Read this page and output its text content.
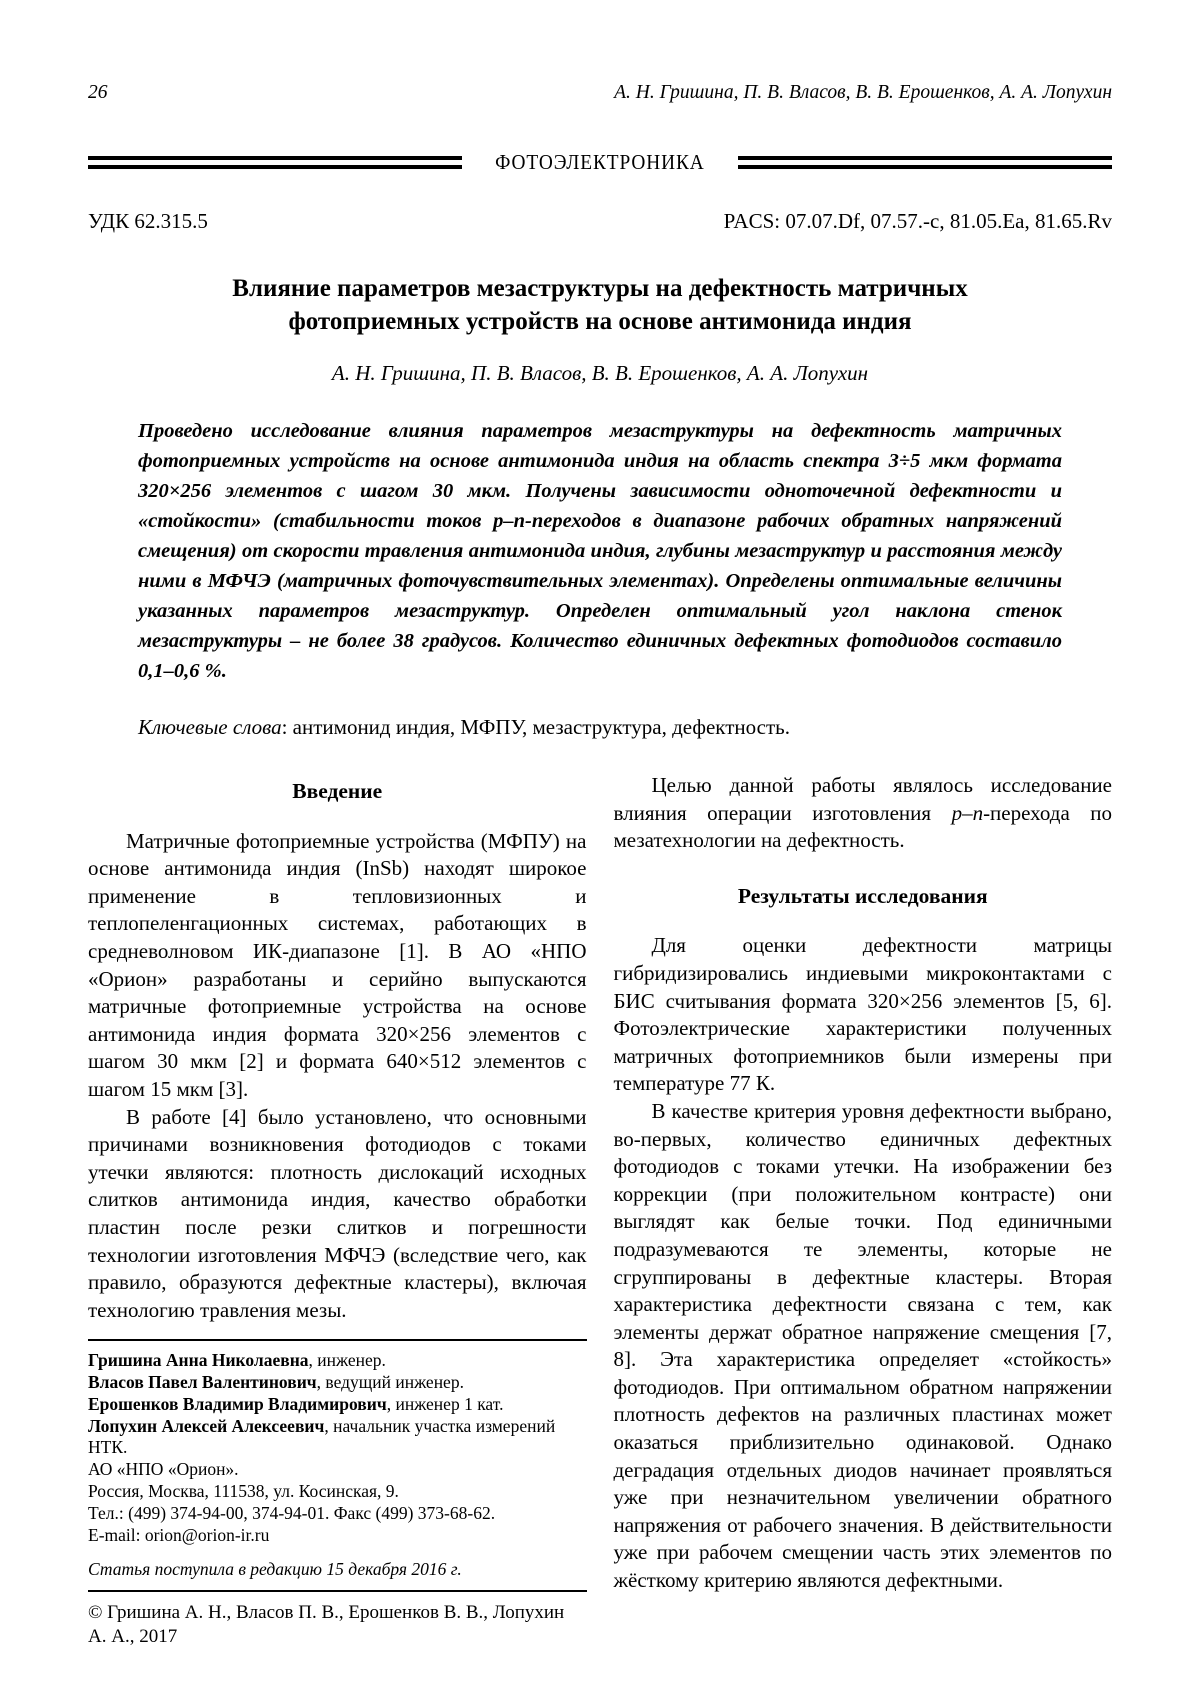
26	А. Н. Гришина, П. В. Власов, В. В. Ерошенков, А. А. Лопухин
ФОТОЭЛЕКТРОНИКА
УДК 62.315.5	PACS: 07.07.Df, 07.57.-c, 81.05.Ea, 81.65.Rv
Влияние параметров мезаструктуры на дефектность матричных
фотоприемных устройств на основе антимонида индия
А. Н. Гришина, П. В. Власов, В. В. Ерошенков, А. А. Лопухин
Проведено исследование влияния параметров мезаструктуры на дефектность матричных фотоприемных устройств на основе антимонида индия на область спектра 3÷5 мкм формата 320×256 элементов с шагом 30 мкм. Получены зависимости одноточечной дефектности и «стойкости» (стабильности токов p–n-переходов в диапазоне рабочих обратных напряжений смещения) от скорости травления антимонида индия, глубины мезаструктур и расстояния между ними в МФЧЭ (матричных фоточувствительных элементах). Определены оптимальные величины указанных параметров мезаструктур. Определен оптимальный угол наклона стенок мезаструктуры – не более 38 градусов. Количество единичных дефектных фотодиодов составило 0,1–0,6 %.
Ключевые слова: антимонид индия, МФПУ, мезаструктура, дефектность.
Введение

Матричные фотоприемные устройства (МФПУ) на основе антимонида индия (InSb) находят широкое применение в тепловизионных и теплопеленгационных системах, работающих в средневолновом ИК-диапазоне [1]. В АО «НПО «Орион» разработаны и серийно выпускаются матричные фотоприемные устройства на основе антимонида индия формата 320×256 элементов с шагом 30 мкм [2] и формата 640×512 элементов с шагом 15 мкм [3].

В работе [4] было установлено, что основными причинами возникновения фотодиодов с токами утечки являются: плотность дислокаций исходных слитков антимонида индия, качество обработки пластин после резки слитков и погрешности технологии изготовления МФЧЭ (вследствие чего, как правило, образуются дефектные кластеры), включая технологию травления мезы.

Гришина Анна Николаевна, инженер.
Власов Павел Валентинович, ведущий инженер.
Ерошенков Владимир Владимирович, инженер 1 кат.
Лопухин Алексей Алексеевич, начальник участка измерений НТК.
АО «НПО «Орион».
Россия, Москва, 111538, ул. Косинская, 9.
Тел.: (499) 374-94-00, 374-94-01. Факс (499) 373-68-62.
E-mail: orion@orion-ir.ru
Статья поступила в редакцию 15 декабря 2016 г.
© Гришина А. Н., Власов П. В., Ерошенков В. В., Лопухин А. А., 2017

Целью данной работы являлось исследование влияния операции изготовления p–n-перехода по мезатехнологии на дефектность.

Результаты исследования

Для оценки дефектности матрицы гибридизировались индиевыми микроконтактами с БИС считывания формата 320×256 элементов [5, 6]. Фотоэлектрические характеристики полученных матричных фотоприемников были измерены при температуре 77 К.

В качестве критерия уровня дефектности выбрано, во-первых, количество единичных дефектных фотодиодов с токами утечки. На изображении без коррекции (при положительном контрасте) они выглядят как белые точки. Под единичными подразумеваются те элементы, которые не сгруппированы в дефектные кластеры. Вторая характеристика дефектности связана с тем, как элементы держат обратное напряжение смещения [7, 8]. Эта характеристика определяет «стойкость» фотодиодов. При оптимальном обратном напряжении плотность дефектов на различных пластинах может оказаться приблизительно одинаковой. Однако деградация отдельных диодов начинает проявляться уже при незначительном увеличении обратного напряжения от рабочего значения. В действительности уже при рабочем смещении часть этих элементов по жёсткому критерию являются дефектными.
